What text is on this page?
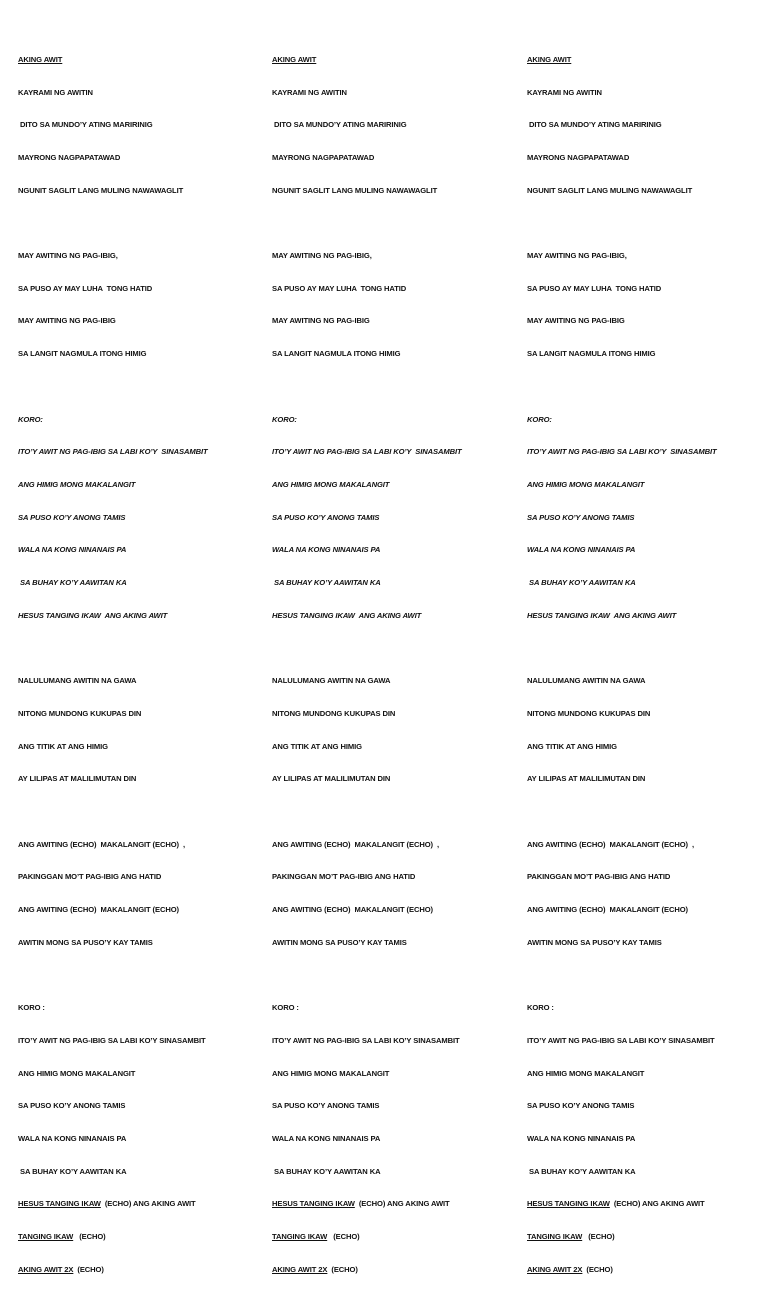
AKING AWIT

KAYRAMI NG AWITIN

DITO SA MUNDO’Y ATING MARIRINIG

MAYRONG NAGPAPATAWAD

NGUNIT SAGLIT LANG MULING NAWAWAGLIT

MAY AWITING NG PAG-IBIG,

SA PUSO AY MAY LUHA  TONG HATID

MAY AWITING NG PAG-IBIG

SA LANGIT NAGMULA ITONG HIMIG

KORO:

ITO’Y AWIT NG PAG-IBIG SA LABI KO’Y  SINASAMBIT

ANG HIMIG MONG MAKALANGIT

SA PUSO KO’Y ANONG TAMIS

WALA NA KONG NINANAIS PA

SA BUHAY KO’Y AAWITAN KA

HESUS TANGING IKAW  ANG AKING AWIT

NALULUMANG AWITIN NA GAWA

NITONG MUNDONG KUKUPAS DIN

ANG TITIK AT ANG HIMIG

AY LILIPAS AT MALILIMUTAN DIN

ANG AWITING (ECHO)  MAKALANGIT (ECHO)  ,

PAKINGGAN MO’T PAG-IBIG ANG HATID

ANG AWITING (ECHO)  MAKALANGIT (ECHO)

AWITIN MONG SA PUSO’Y KAY TAMIS

KORO :

ITO’Y AWIT NG PAG-IBIG SA LABI KO’Y SINASAMBIT

ANG HIMIG MONG MAKALANGIT

SA PUSO KO’Y ANONG TAMIS

WALA NA KONG NINANAIS PA

SA BUHAY KO’Y AAWITAN KA

HESUS TANGING IKAW  (ECHO) ANG AKING AWIT

TANGING IKAW   (ECHO)

AKING AWIT 2X  (ECHO)

AKING AWIT

KAYRAMI NG AWITIN

DITO SA MUNDO’Y ATING MARIRINIG

MAYRONG NAGPAPATAWAD

NGUNIT SAGLIT LANG MULING NAWAWAGLIT

MAY AWITING NG PAG-IBIG,

SA PUSO AY MAY LUHA  TONG HATID

MAY AWITING NG PAG-IBIG

SA LANGIT NAGMULA ITONG HIMIG

KORO:

ITO’Y AWIT NG PAG-IBIG SA LABI KO’Y  SINASAMBIT

ANG HIMIG MONG MAKALANGIT

SA PUSO KO’Y ANONG TAMIS

WALA NA KONG NINANAIS PA

SA BUHAY KO’Y AAWITAN KA

HESUS TANGING IKAW  ANG AKING AWIT

NALULUMANG AWITIN NA GAWA

NITONG MUNDONG KUKUPAS DIN

ANG TITIK AT ANG HIMIG

AY LILIPAS AT MALILIMUTAN DIN

ANG AWITING (ECHO)  MAKALANGIT (ECHO)  ,

PAKINGGAN MO’T PAG-IBIG ANG HATID

ANG AWITING (ECHO)  MAKALANGIT (ECHO)

AWITIN MONG SA PUSO’Y KAY TAMIS

KORO :

ITO’Y AWIT NG PAG-IBIG SA LABI KO’Y SINASAMBIT

ANG HIMIG MONG MAKALANGIT

SA PUSO KO’Y ANONG TAMIS

WALA NA KONG NINANAIS PA

SA BUHAY KO’Y AAWITAN KA

HESUS TANGING IKAW  (ECHO) ANG AKING AWIT

TANGING IKAW   (ECHO)

AKING AWIT 2X  (ECHO)

AKING AWIT

KAYRAMI NG AWITIN

DITO SA MUNDO’Y ATING MARIRINIG

MAYRONG NAGPAPATAWAD

NGUNIT SAGLIT LANG MULING NAWAWAGLIT

MAY AWITING NG PAG-IBIG,

SA PUSO AY MAY LUHA  TONG HATID

MAY AWITING NG PAG-IBIG

SA LANGIT NAGMULA ITONG HIMIG

KORO:

ITO’Y AWIT NG PAG-IBIG SA LABI KO’Y  SINASAMBIT

ANG HIMIG MONG MAKALANGIT

SA PUSO KO’Y ANONG TAMIS

WALA NA KONG NINANAIS PA

SA BUHAY KO’Y AAWITAN KA

HESUS TANGING IKAW  ANG AKING AWIT

NALULUMANG AWITIN NA GAWA

NITONG MUNDONG KUKUPAS DIN

ANG TITIK AT ANG HIMIG

AY LILIPAS AT MALILIMUTAN DIN

ANG AWITING (ECHO)  MAKALANGIT (ECHO)  ,

PAKINGGAN MO’T PAG-IBIG ANG HATID

ANG AWITING (ECHO)  MAKALANGIT (ECHO)

AWITIN MONG SA PUSO’Y KAY TAMIS

KORO :

ITO’Y AWIT NG PAG-IBIG SA LABI KO’Y SINASAMBIT

ANG HIMIG MONG MAKALANGIT

SA PUSO KO’Y ANONG TAMIS

WALA NA KONG NINANAIS PA

SA BUHAY KO’Y AAWITAN KA

HESUS TANGING IKAW  (ECHO) ANG AKING AWIT

TANGING IKAW   (ECHO)

AKING AWIT 2X  (ECHO)
